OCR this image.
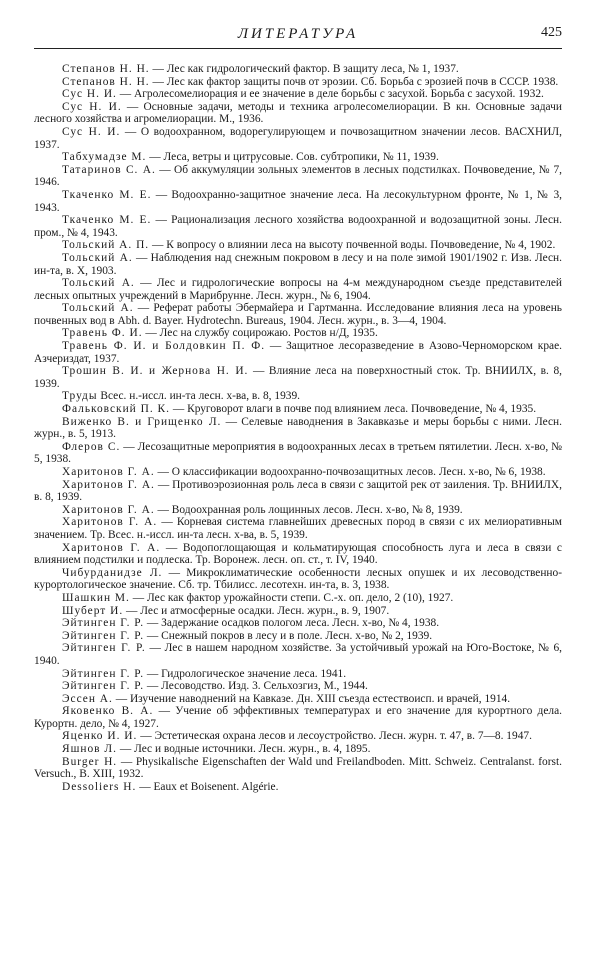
ЛИТЕРАТУРА	425

Степанов Н. Н. — Лес как гидрологический фактор. В защиту леса, № 1, 1937.

Степанов Н. Н. — Лес как фактор защиты почв от эрозии. Сб. Борьба с эрозией почв в СССР. 1938.

Сус Н. И. — Агролесомелиорация и ее значение в деле борьбы с засухой. Борьба с засухой. 1932.

Сус Н. И. — Основные задачи, методы и техника агролесомелиорации. В кн. Основные задачи лесного хозяйства и агромелиорации. М., 1936.

Сус Н. И. — О водоохранном, водорегулирующем и почвозащитном значении лесов. ВАСХНИЛ, 1937.

Табхумадзе М. — Леса, ветры и цитрусовые. Сов. субтропики, № 11, 1939.

Татаринов С. А. — Об аккумуляции зольных элементов в лесных подстилках. Почвоведение, № 7, 1946.

Ткаченко М. Е. — Водоохранно-защитное значение леса. На лесокультурном фронте, № 1, № 3, 1943.

Ткаченко М. Е. — Рационализация лесного хозяйства водоохранной и водозащитной зоны. Лесн. пром., № 4, 1943.

Тольский А. П. — К вопросу о влиянии леса на высоту почвенной воды. Почвоведение, № 4, 1902.

Тольский А. — Наблюдения над снежным покровом в лесу и на поле зимой 1901/1902 г. Изв. Лесн. ин-та, в. X, 1903.

Тольский А. — Лес и гидрологические вопросы на 4-м международном съезде представителей лесных опытных учреждений в Марибрунне. Лесн. журн., № 6, 1904.

Тольский А. — Реферат работы Эбермайера и Гартманна. Исследование влияния леса на уровень почвенных вод в Abh. d. Bayer. Hydrotechn. Bureaus, 1904. Лесн. журн., в. 3—4, 1904.

Травень Ф. И. — Лес на службу социрожаю. Ростов н/Д, 1935.

Травень Ф. И. и Болдовкин П. Ф. — Защитное лесоразведение в Азово-Черноморском крае. Азчериздат, 1937.

Трошин В. И. и Жернова Н. И. — Влияние леса на поверхностный сток. Тр. ВНИИЛХ, в. 8, 1939.

Труды Всес. н.-иссл. ин-та лесн. х-ва, в. 8, 1939.

Фальковский П. К. — Круговорот влаги в почве под влиянием леса. Почвоведение, № 4, 1935.

Виженко В. и Грищенко Л. — Селевые наводнения в Закавказье и меры борьбы с ними. Лесн. журн., в. 5, 1913.

Флеров С. — Лесозащитные мероприятия в водоохранных лесах в третьем пятилетии. Лесн. х-во, № 5, 1938.

Харитонов Г. А. — О классификации водоохранно-почвозащитных лесов. Лесн. х-во, № 6, 1938.

Харитонов Г. А. — Противоэрозионная роль леса в связи с защитой рек от заиления. Тр. ВНИИЛХ, в. 8, 1939.

Харитонов Г. А. — Водоохранная роль лощинных лесов. Лесн. х-во, № 8, 1939.

Харитонов Г. А. — Корневая система главнейших древесных пород в связи с их мелиоративным значением. Тр. Всес. н.-иссл. ин-та лесн. х-ва, в. 5, 1939.

Харитонов Г. А. — Водопоглощающая и кольматирующая способность луга и леса в связи с влиянием подстилки и подлеска. Тр. Воронеж. лесн. оп. ст., т. IV, 1940.

Чибурданидзе Л. — Микроклиматические особенности лесных опушек и их лесоводственно-курортологическое значение. Сб. тр. Тбилисс. лесотехн. ин-та, в. 3, 1938.

Шашкин М. — Лес как фактор урожайности степи. С.-х. оп. дело, 2 (10), 1927.

Шуберт И. — Лес и атмосферные осадки. Лесн. журн., в. 9, 1907.

Эйтинген Г. Р. — Задержание осадков пологом леса. Лесн. х-во, № 4, 1938.

Эйтинген Г. Р. — Снежный покров в лесу и в поле. Лесн. х-во, № 2, 1939.

Эйтинген Г. Р. — Лес в нашем народном хозяйстве. За устойчивый урожай на Юго-Востоке, № 6, 1940.

Эйтинген Г. Р. — Гидрологическое значение леса. 1941.

Эйтинген Г. Р. — Лесоводство. Изд. 3. Сельхозгиз, М., 1944.

Эссен А. — Изучение наводнений на Кавказе. Дн. XIII съезда естествоисп. и врачей, 1914.

Яковенко В. А. — Учение об эффективных температурах и его значение для курортного дела. Курортн. дело, № 4, 1927.

Яценко И. И. — Эстетическая охрана лесов и лесоустройство. Лесн. журн. т. 47, в. 7—8. 1947.

Яшнов Л. — Лес и водные источники. Лесн. журн., в. 4, 1895.

Burger H. — Physikalische Eigenschaften der Wald und Freilandboden. Mitt. Schweiz. Centralanst. forst. Versuch., B. XIII, 1932.

Dessoliers H. — Eaux et Boisenent. Algérie.
